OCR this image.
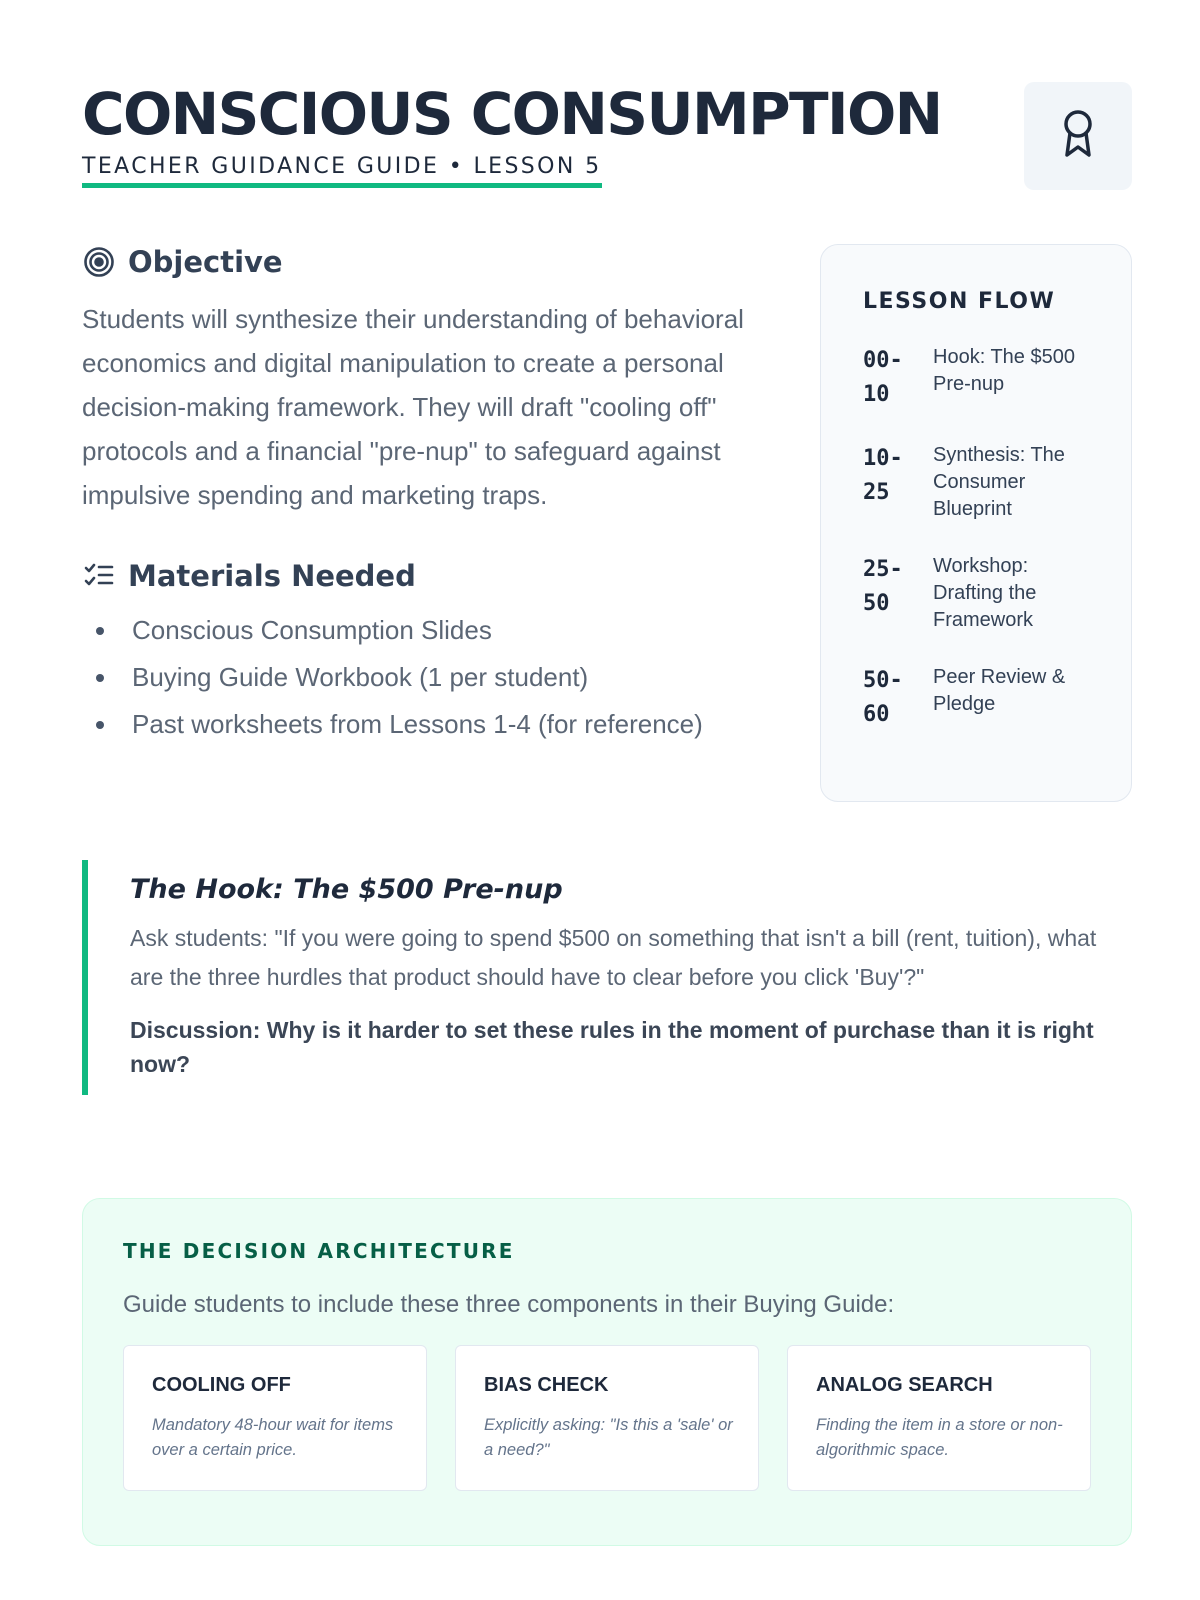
CONSCIOUS CONSUMPTION
TEACHER GUIDANCE GUIDE • LESSON 5
Objective

Students will synthesize their understanding of behavioral economics and digital manipulation to create a personal decision-making framework. They will draft "cooling off" protocols and a financial "pre-nup" to safeguard against impulsive spending and marketing traps.

Materials Needed
Conscious Consumption Slides
Buying Guide Workbook (1 per student)
Past worksheets from Lessons 1-4 (for reference)
LESSON FLOW
00-10
Hook: The $500 Pre-nup
10-25
Synthesis: The Consumer Blueprint
25-50
Workshop: Drafting the Framework
50-60
Peer Review & Pledge
The Hook: The $500 Pre-nup

Ask students: "If you were going to spend $500 on something that isn't a bill (rent, tuition), what are the three hurdles that product should have to clear before you click 'Buy'?"

Discussion: Why is it harder to set these rules in the moment of purchase than it is right now?

THE DECISION ARCHITECTURE

Guide students to include these three components in their Buying Guide:

COOLING OFF

Mandatory 48-hour wait for items over a certain price.

BIAS CHECK

Explicitly asking: "Is this a 'sale' or a need?"

ANALOG SEARCH

Finding the item in a store or non-algorithmic space.
